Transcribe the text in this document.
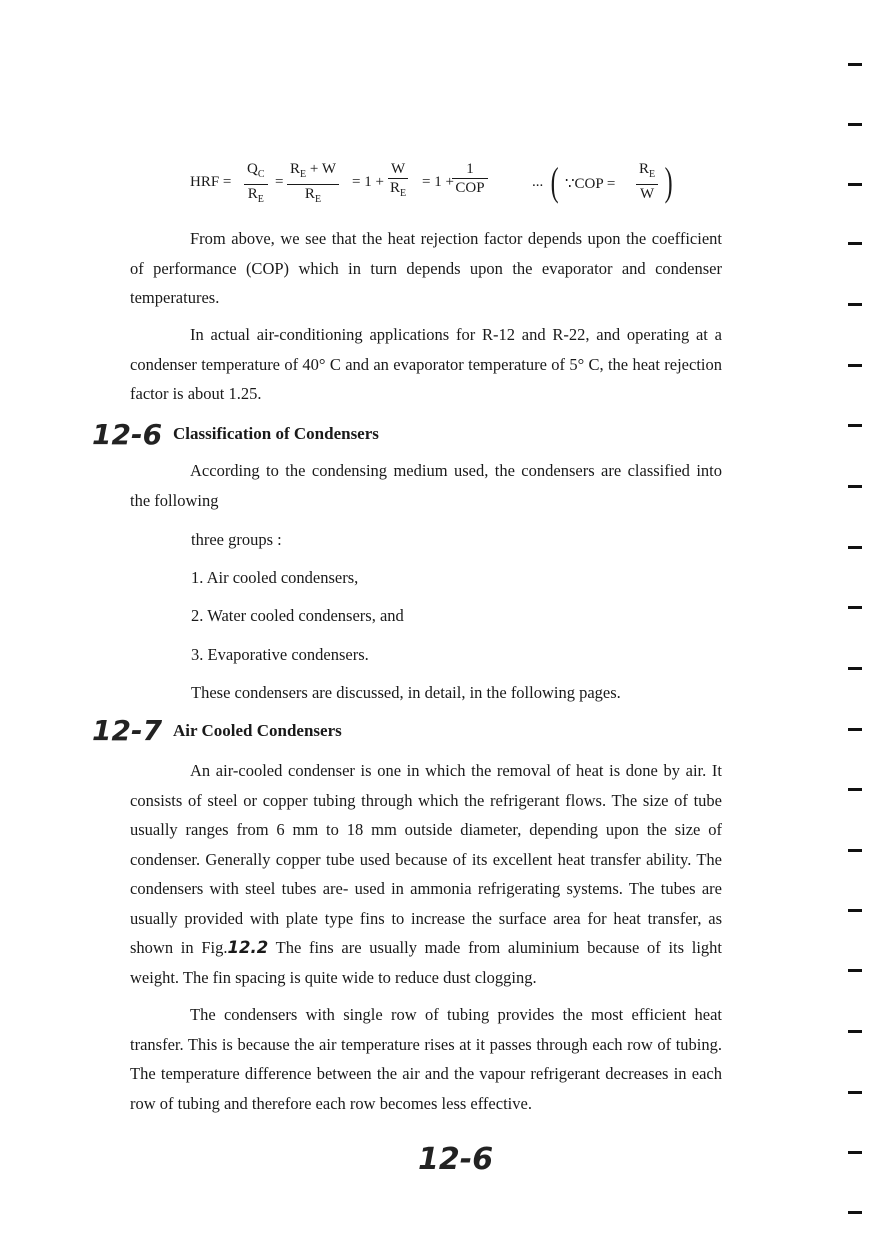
HRF = $\frac{Q_C}{R_E} = \frac{R_E + W}{R_E} = 1 + \frac{W}{R_E} = 1$ +
1
COP	... ( ∵COP = $\frac{R_E}{W}$ )
From above, we see that the heat rejection factor depends upon the coefficient of performance (COP) which in turn depends upon the evaporator and condenser temperatures.
In actual air-conditioning applications for R-12 and R-22, and operating at a condenser temperature of 40° C and an evaporator temperature of 5° C, the heat rejection factor is about 1.25.
12-6 Classification of Condensers
According to the condensing medium used, the condensers are classified into the following
three groups :
1. Air cooled condensers,
2. Water cooled condensers, and
3. Evaporative condensers.
These condensers are discussed, in detail, in the following pages.
12-7 Air Cooled Condensers
An air-cooled condenser is one in which the removal of heat is done by air. It consists of steel or copper tubing through which the refrigerant flows. The size of tube usually ranges from 6 mm to 18 mm outside diameter, depending upon the size of condenser. Generally copper tube used because of its excellent heat transfer ability. The condensers with steel tubes are- used in ammonia refrigerating systems. The tubes are usually provided with plate type fins to increase the surface area for heat transfer, as shown in Fig.12.2 The fins are usually made from aluminium because of its light weight. The fin spacing is quite wide to reduce dust clogging.
The condensers with single row of tubing provides the most efficient heat transfer. This is because the air temperature rises at it passes through each row of tubing. The temperature difference between the air and the vapour refrigerant decreases in each row of tubing and therefore each row becomes less effective.
12-6
